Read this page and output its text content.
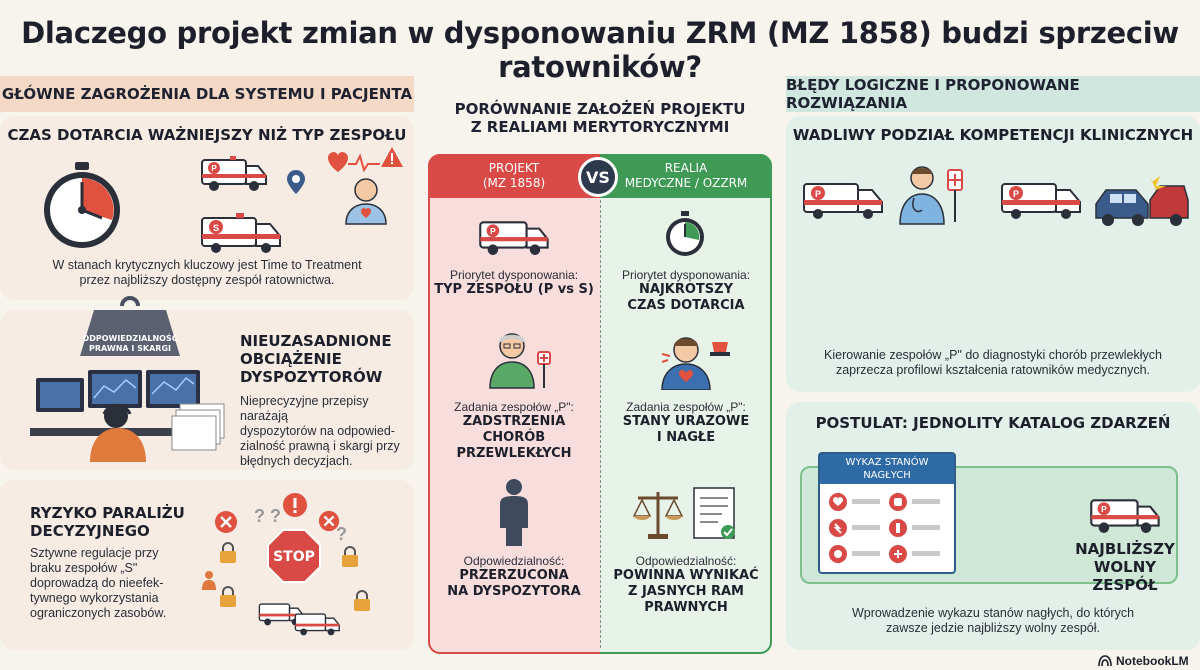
Dlaczego projekt zmian w dysponowaniu ZRM (MZ 1858) budzi sprzeciw ratowników?
GŁÓWNE ZAGROŻENIA DLA SYSTEMU I PACJENTA
CZAS DOTARCIA WAŻNIEJSZY NIŻ TYP ZESPOŁU
P
S
W stanach krytycznych kluczowy jest Time to Treatment
przez najbliższy dostępny zespół ratownictwa.
ODPOWIEDZIALNOŚĆ
PRAWNA I SKARGI	NIEUZASADNIONE
OBCIĄŻENIE
DYSPOZYTORÓW
Nieprecyzyjne przepisy narażają
dyspozytorów na odpowied-
zialność prawną i skargi przy
błędnych decyzjach.
RYZYKO PARALIŻU
DECYZYJNEGO
Sztywne regulacje przy
braku zespołów „S"
doprowadzą do nieefek-
tywnego wykorzystania
ograniczonych zasobów.
? ?
?
STOP
PORÓWNANIE ZAŁOŻEŃ PROJEKTU
Z REALIAMI MERYTORYCZNYMI
PROJEKT
(MZ 1858)
REALIA
MEDYCZNE / OZZRM
VS
P
Priorytet dysponowania:
TYP ZESPOŁU (P vs S)
Priorytet dysponowania:
NAJKROTSZY
CZAS DOTARCIA
Zadania zespołów „P":
ZADSTRZENIA CHORÓB
PRZEWLEKŁYCH
Zadania zespołów „P":
STANY URAZOWE
I NAGŁE
Odpowiedzialność:
PRZERZUCONA
NA DYSPOZYTORA
Odpowiedzialność:
POWINNA WYNIKAĆ
Z JASNYCH RAM
PRAWNYCH
BŁĘDY LOGICZNE I PROPONOWANE ROZWIĄZANIA
WADLIWY PODZIAŁ KOMPETENCJI KLINICZNYCH
P	P
Kierowanie zespołów „P" do diagnostyki chorób przewlekłych
zaprzecza profilowi kształcenia ratowników medycznych.
POSTULAT: JEDNOLITY KATALOG ZDARZEŃ
Wprowadzenie wykazu stanów nagłych, do których
zawsze jedzie najbliższy wolny zespół.
WYKAZ STANÓW
NAGŁYCH
P
NAJBLIŻSZY
WOLNY ZESPÓŁ
NotebookLM
